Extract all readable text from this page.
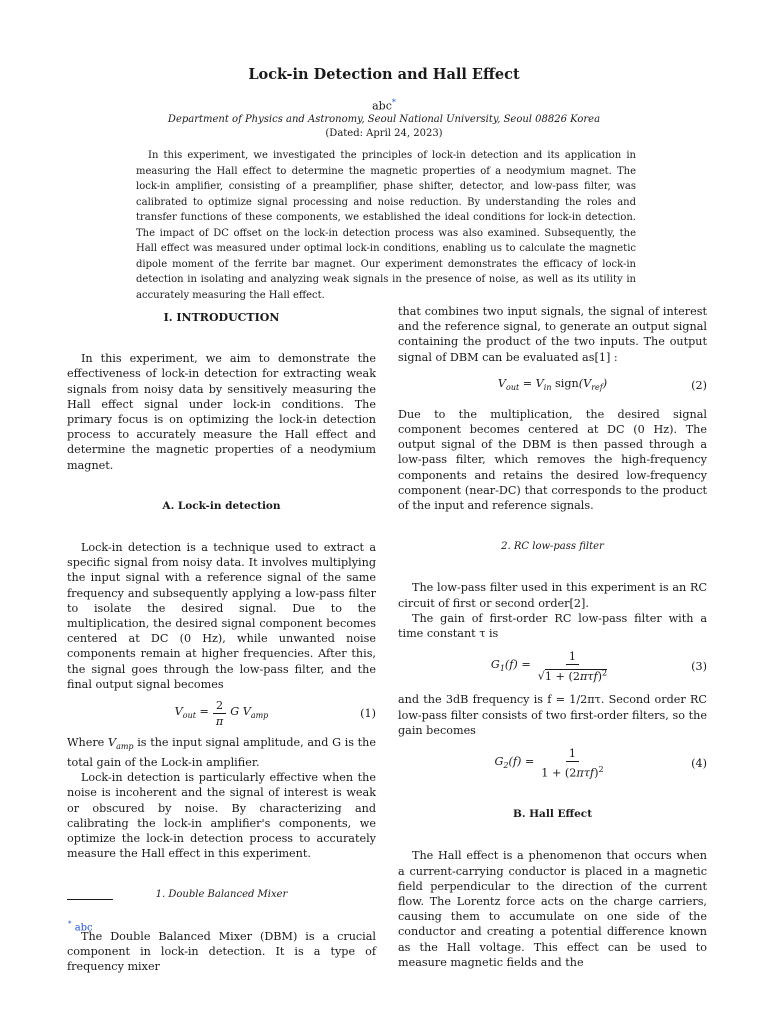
Lock-in Detection and Hall Effect
abc*
Department of Physics and Astronomy, Seoul National University, Seoul 08826 Korea
(Dated: April 24, 2023)
In this experiment, we investigated the principles of lock-in detection and its application in measuring the Hall effect to determine the magnetic properties of a neodymium magnet. The lock-in amplifier, consisting of a preamplifier, phase shifter, detector, and low-pass filter, was calibrated to optimize signal processing and noise reduction. By understanding the roles and transfer functions of these components, we established the ideal conditions for lock-in detection. The impact of DC offset on the lock-in detection process was also examined. Subsequently, the Hall effect was measured under optimal lock-in conditions, enabling us to calculate the magnetic dipole moment of the ferrite bar magnet. Our experiment demonstrates the efficacy of lock-in detection in isolating and analyzing weak signals in the presence of noise, as well as its utility in accurately measuring the Hall effect.
I. INTRODUCTION

In this experiment, we aim to demonstrate the effectiveness of lock-in detection for extracting weak signals from noisy data by sensitively measuring the Hall effect signal under lock-in conditions. The primary focus is on optimizing the lock-in detection process to accurately measure the Hall effect and determine the magnetic properties of a neodymium magnet.

A. Lock-in detection

Lock-in detection is a technique used to extract a specific signal from noisy data. It involves multiplying the input signal with a reference signal of the same frequency and subsequently applying a low-pass filter to isolate the desired signal. Due to the multiplication, the desired signal component becomes centered at DC (0 Hz), while unwanted noise components remain at higher frequencies. After this, the signal goes through the low-pass filter, and the final output signal becomes

$V_{out} = \frac{2}{\pi}$ G $V_{amp}$	(1)

Where $V_{amp}$ is the input signal amplitude, and G is the total gain of the Lock-in amplifier.

Lock-in detection is particularly effective when the noise is incoherent and the signal of interest is weak or obscured by noise. By characterizing and calibrating the lock-in amplifier's components, we optimize the lock-in detection process to accurately measure the Hall effect in this experiment.

1. Double Balanced Mixer

The Double Balanced Mixer (DBM) is a crucial component in lock-in detection. It is a type of frequency mixer

that combines two input signals, the signal of interest and the reference signal, to generate an output signal containing the product of the two inputs. The output signal of DBM can be evaluated as[1] :

$V_{out} = V_{in}$ $sign(V_{ref})$	(2)

Due to the multiplication, the desired signal component becomes centered at DC (0 Hz). The output signal of the DBM is then passed through a low-pass filter, which removes the high-frequency components and retains the desired low-frequency component (near-DC) that corresponds to the product of the input and reference signals.

2. RC low-pass filter

The low-pass filter used in this experiment is an RC circuit of first or second order[2].

The gain of first-order RC low-pass filter with a time constant τ is

$G_1(f) = \frac{1}{√1 + (2\pi\tau f)^2}$	(3)

and the 3dB frequency is f = 1/2πτ. Second order RC low-pass filter consists of two first-order filters, so the gain becomes

$G_2(f) = \frac{1}{1 + (2\pi\tau f)^2}$	(4)
B. Hall Effect

The Hall effect is a phenomenon that occurs when a current-carrying conductor is placed in a magnetic field perpendicular to the direction of the current flow. The Lorentz force acts on the charge carriers, causing them to accumulate on one side of the conductor and creating a potential difference known as the Hall voltage. This effect can be used to measure magnetic fields and the

* abc
